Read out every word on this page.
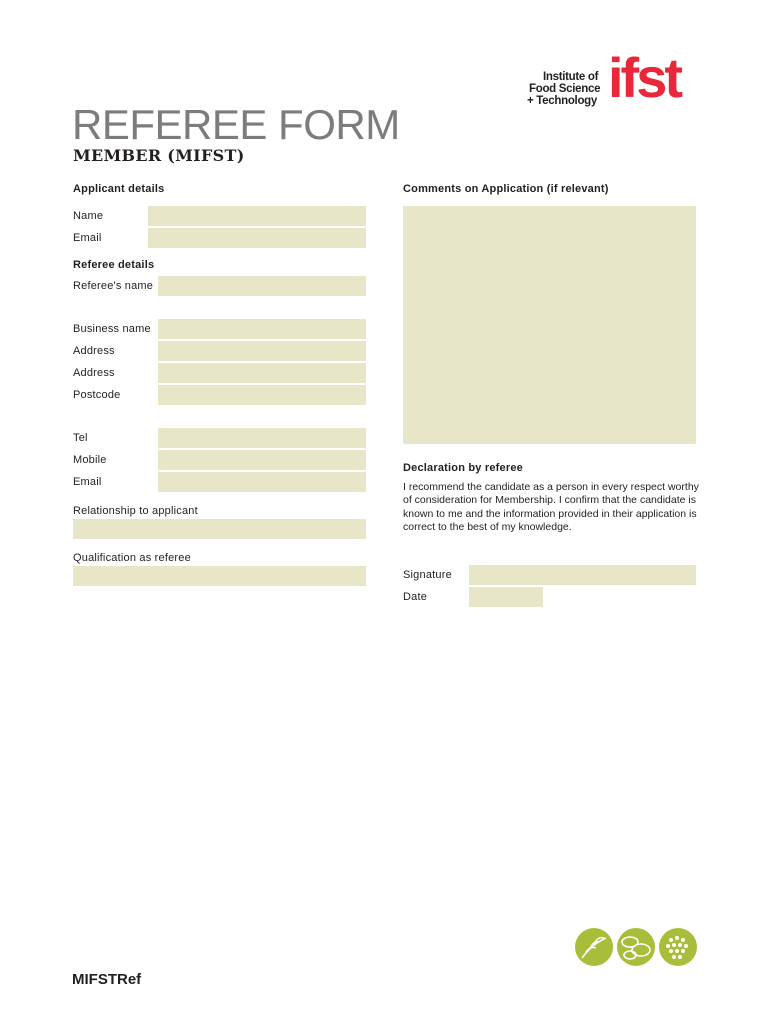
Institute of
Food Science
+ Technology ifst
REFEREE FORM
MEMBER (MIFST)
Applicant details
Name
Email
Referee details
Referee's name
Business name
Address
Address
Postcode
Tel
Mobile
Email
Relationship to applicant
Qualification as referee
Comments on Application (if relevant)
Declaration by referee
I recommend the candidate as a person in every respect worthy of consideration for Membership. I confirm that the candidate is known to me and the information provided in their application is correct to the best of my knowledge.
Signature
Date
MIFSTRef
